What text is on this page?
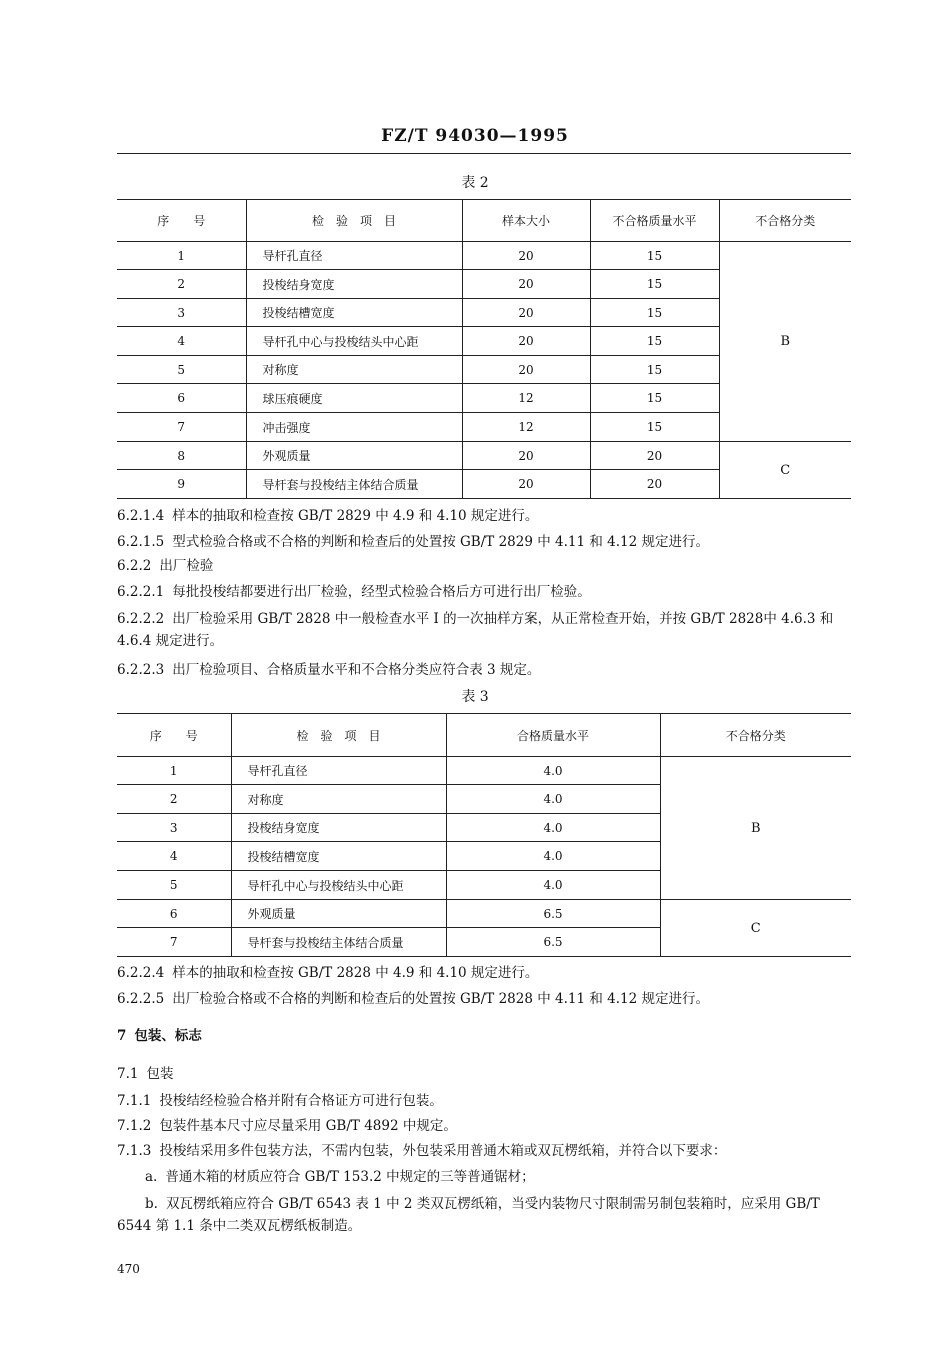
FZ/T 94030—1995
表 2
序　　号	检　验　项　目	样本大小	不合格质量水平	不合格分类
1	导杆孔直径	20	15	B
2	投梭结身宽度	20	15	
3	投梭结槽宽度	20	15	
4	导杆孔中心与投梭结头中心距	20	15	
5	对称度	20	15	
6	球压痕硬度	12	15	
7	冲击强度	12	15	
8	外观质量	20	20	C
9	导杆套与投梭结主体结合质量	20	20	
6.2.1.4 样本的抽取和检查按 GB/T 2829 中 4.9 和 4.10 规定进行。
6.2.1.5 型式检验合格或不合格的判断和检查后的处置按 GB/T 2829 中 4.11 和 4.12 规定进行。
6.2.2 出厂检验
6.2.2.1 每批投梭结都要进行出厂检验，经型式检验合格后方可进行出厂检验。
6.2.2.2 出厂检验采用 GB/T 2828 中一般检查水平 Ⅰ 的一次抽样方案，从正常检查开始，并按 GB/T 2828中 4.6.3 和 4.6.4 规定进行。
6.2.2.3 出厂检验项目、合格质量水平和不合格分类应符合表 3 规定。
表 3
序　　号	检　验　项　目	合格质量水平	不合格分类
1	导杆孔直径	4.0	B
2	对称度	4.0	
3	投梭结身宽度	4.0	
4	投梭结槽宽度	4.0	
5	导杆孔中心与投梭结头中心距	4.0	
6	外观质量	6.5	C
7	导杆套与投梭结主体结合质量	6.5	
6.2.2.4 样本的抽取和检查按 GB/T 2828 中 4.9 和 4.10 规定进行。
6.2.2.5 出厂检验合格或不合格的判断和检查后的处置按 GB/T 2828 中 4.11 和 4.12 规定进行。
7 包装、标志
7.1 包装
7.1.1 投梭结经检验合格并附有合格证方可进行包装。
7.1.2 包装件基本尺寸应尽量采用 GB/T 4892 中规定。
7.1.3 投梭结采用多件包装方法，不需内包装，外包装采用普通木箱或双瓦楞纸箱，并符合以下要求：
a. 普通木箱的材质应符合 GB/T 153.2 中规定的三等普通锯材；
b. 双瓦楞纸箱应符合 GB/T 6543 表 1 中 2 类双瓦楞纸箱，当受内装物尺寸限制需另制包装箱时，应采用 GB/T 6544 第 1.1 条中二类双瓦楞纸板制造。
470
